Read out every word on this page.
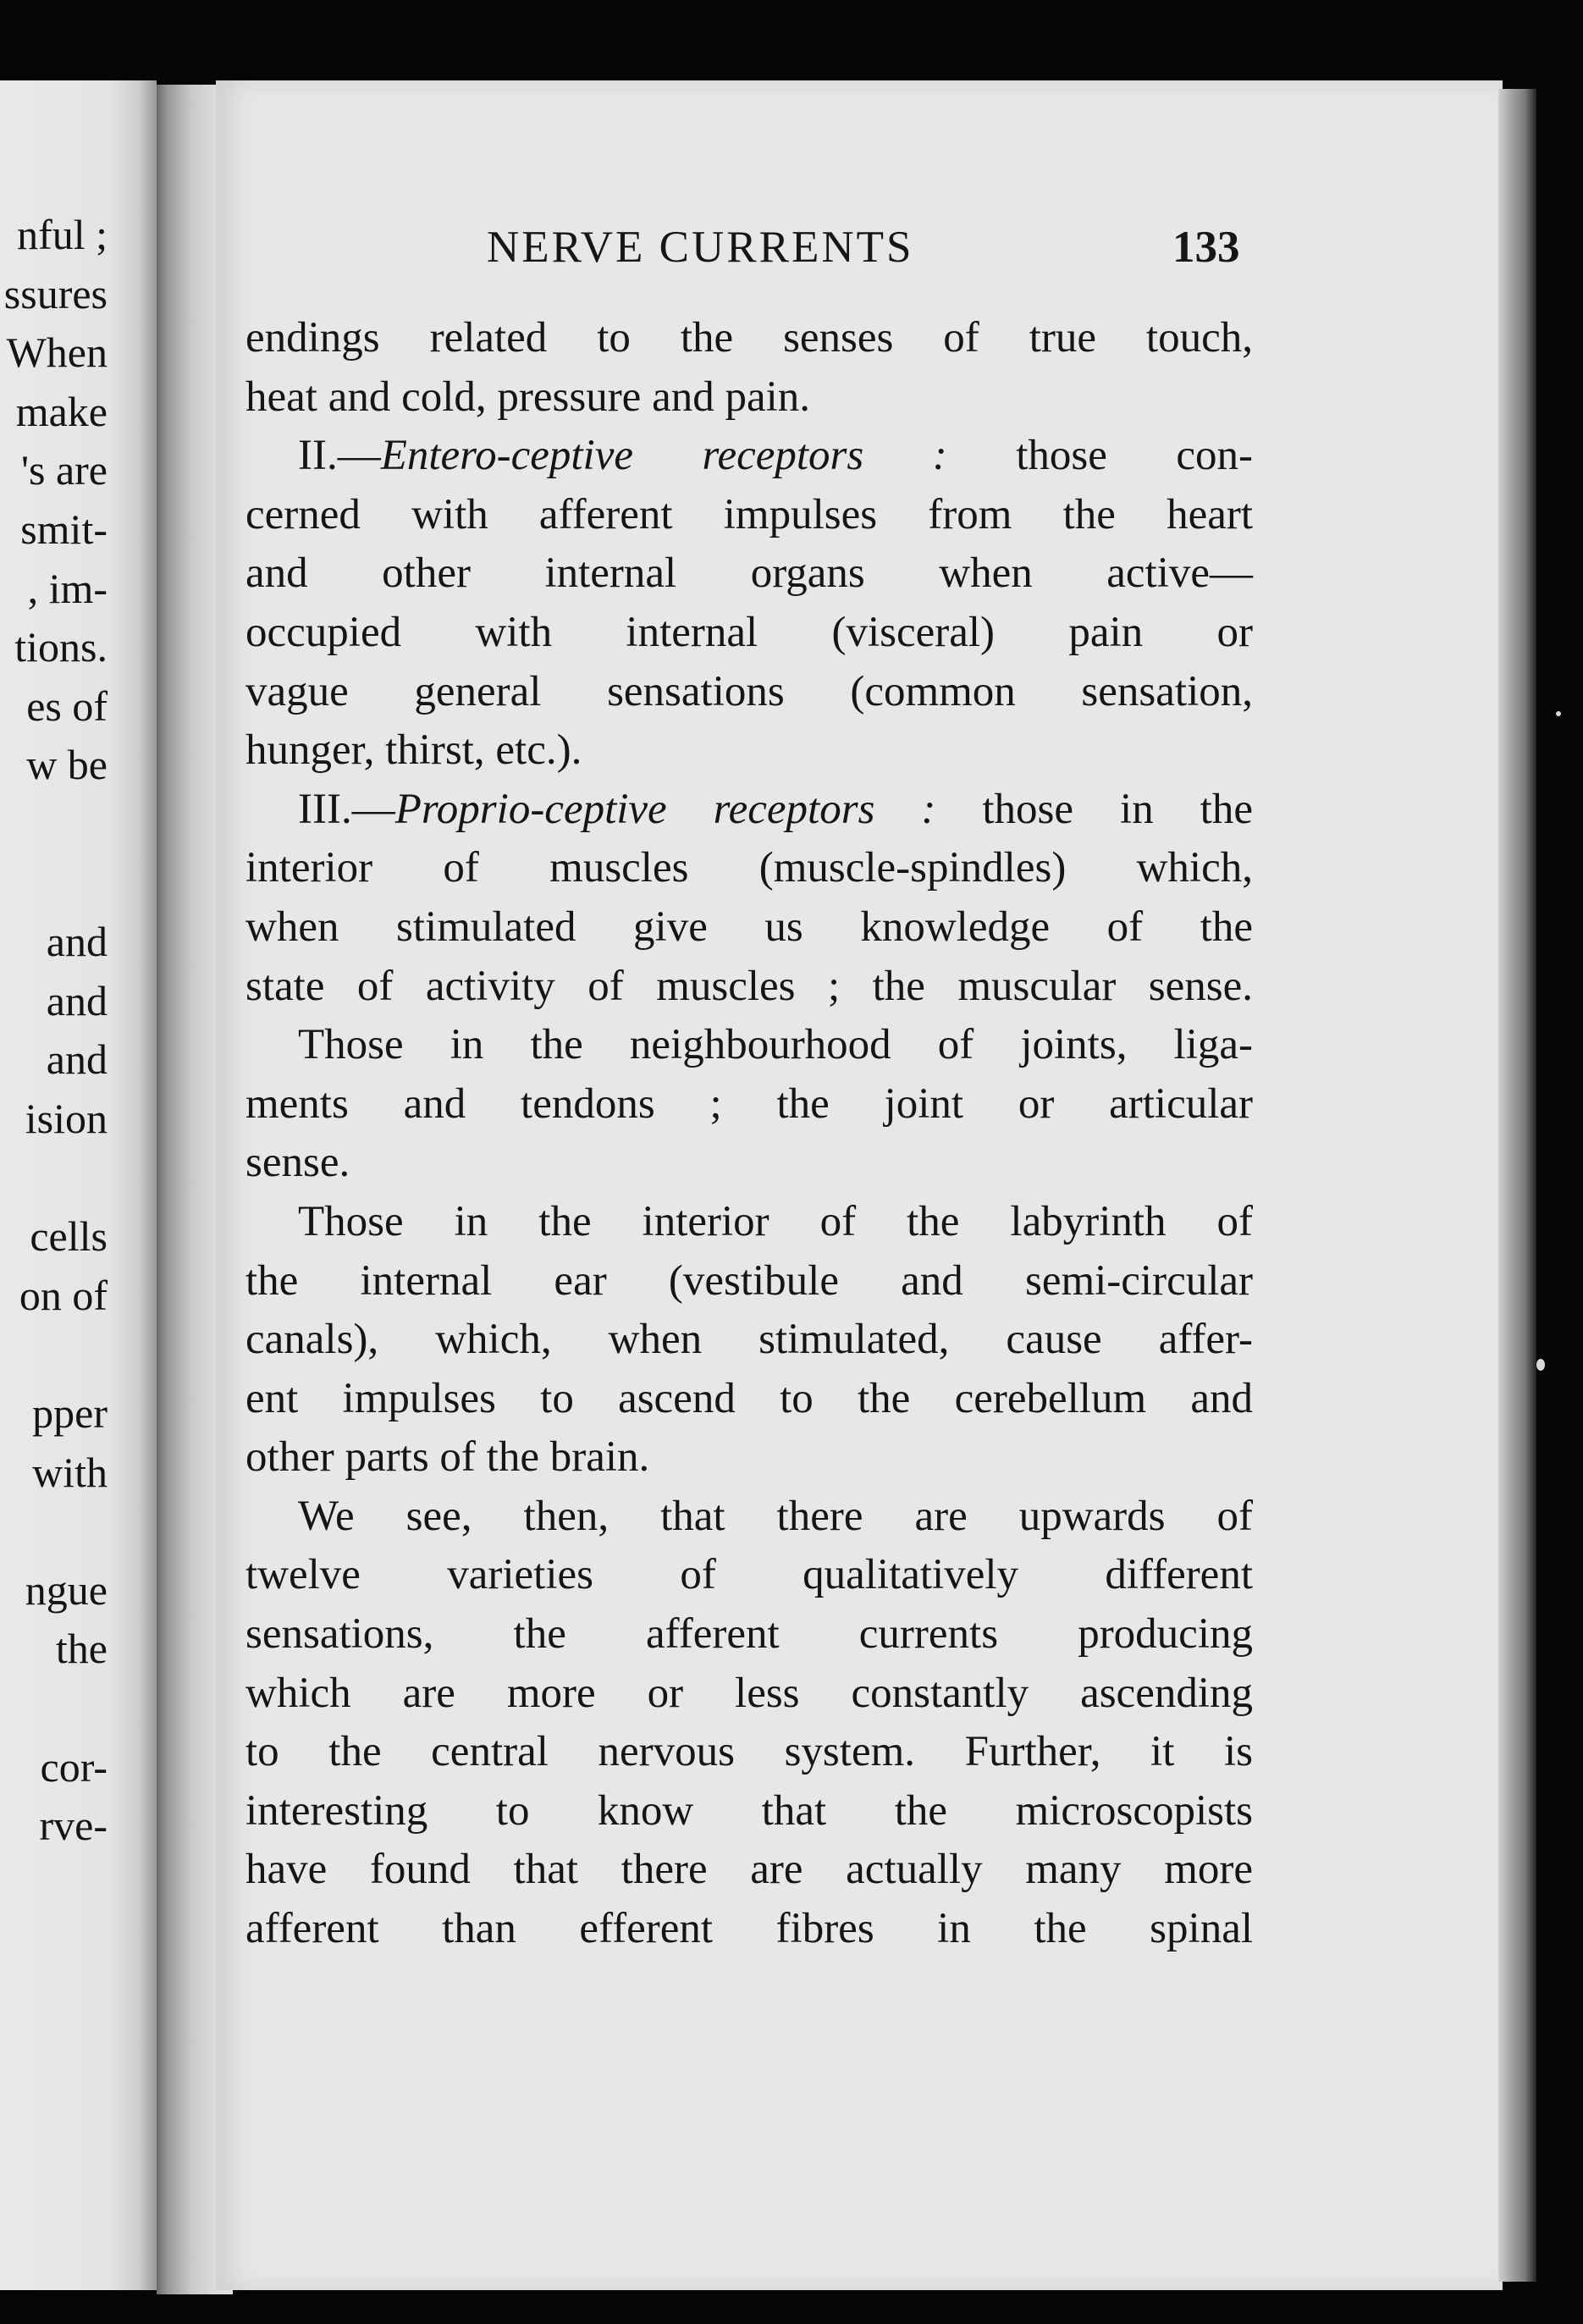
nful ;
ssures
When
make
's are
smit-
, im-
tions.
es of
w be
and
and
and
ision
cells
on of
pper
with
ngue
the
cor-
rve-
NERVE CURRENTS	133
endings related to the senses of true touch,
heat and cold, pressure and pain.
II.—Entero-ceptive receptors : those con-
cerned with afferent impulses from the heart
and other internal organs when active—
occupied with internal (visceral) pain or
vague general sensations (common sensation,
hunger, thirst, etc.).
III.—Proprio-ceptive receptors : those in the
interior of muscles (muscle-spindles) which,
when stimulated give us knowledge of the
state of activity of muscles ; the muscular sense.
Those in the neighbourhood of joints, liga-
ments and tendons ; the joint or articular
sense.
Those in the interior of the labyrinth of
the internal ear (vestibule and semi-circular
canals), which, when stimulated, cause affer-
ent impulses to ascend to the cerebellum and
other parts of the brain.
We see, then, that there are upwards of
twelve varieties of qualitatively different
sensations, the afferent currents producing
which are more or less constantly ascending
to the central nervous system. Further, it is
interesting to know that the microscopists
have found that there are actually many more
afferent than efferent fibres in the spinal
